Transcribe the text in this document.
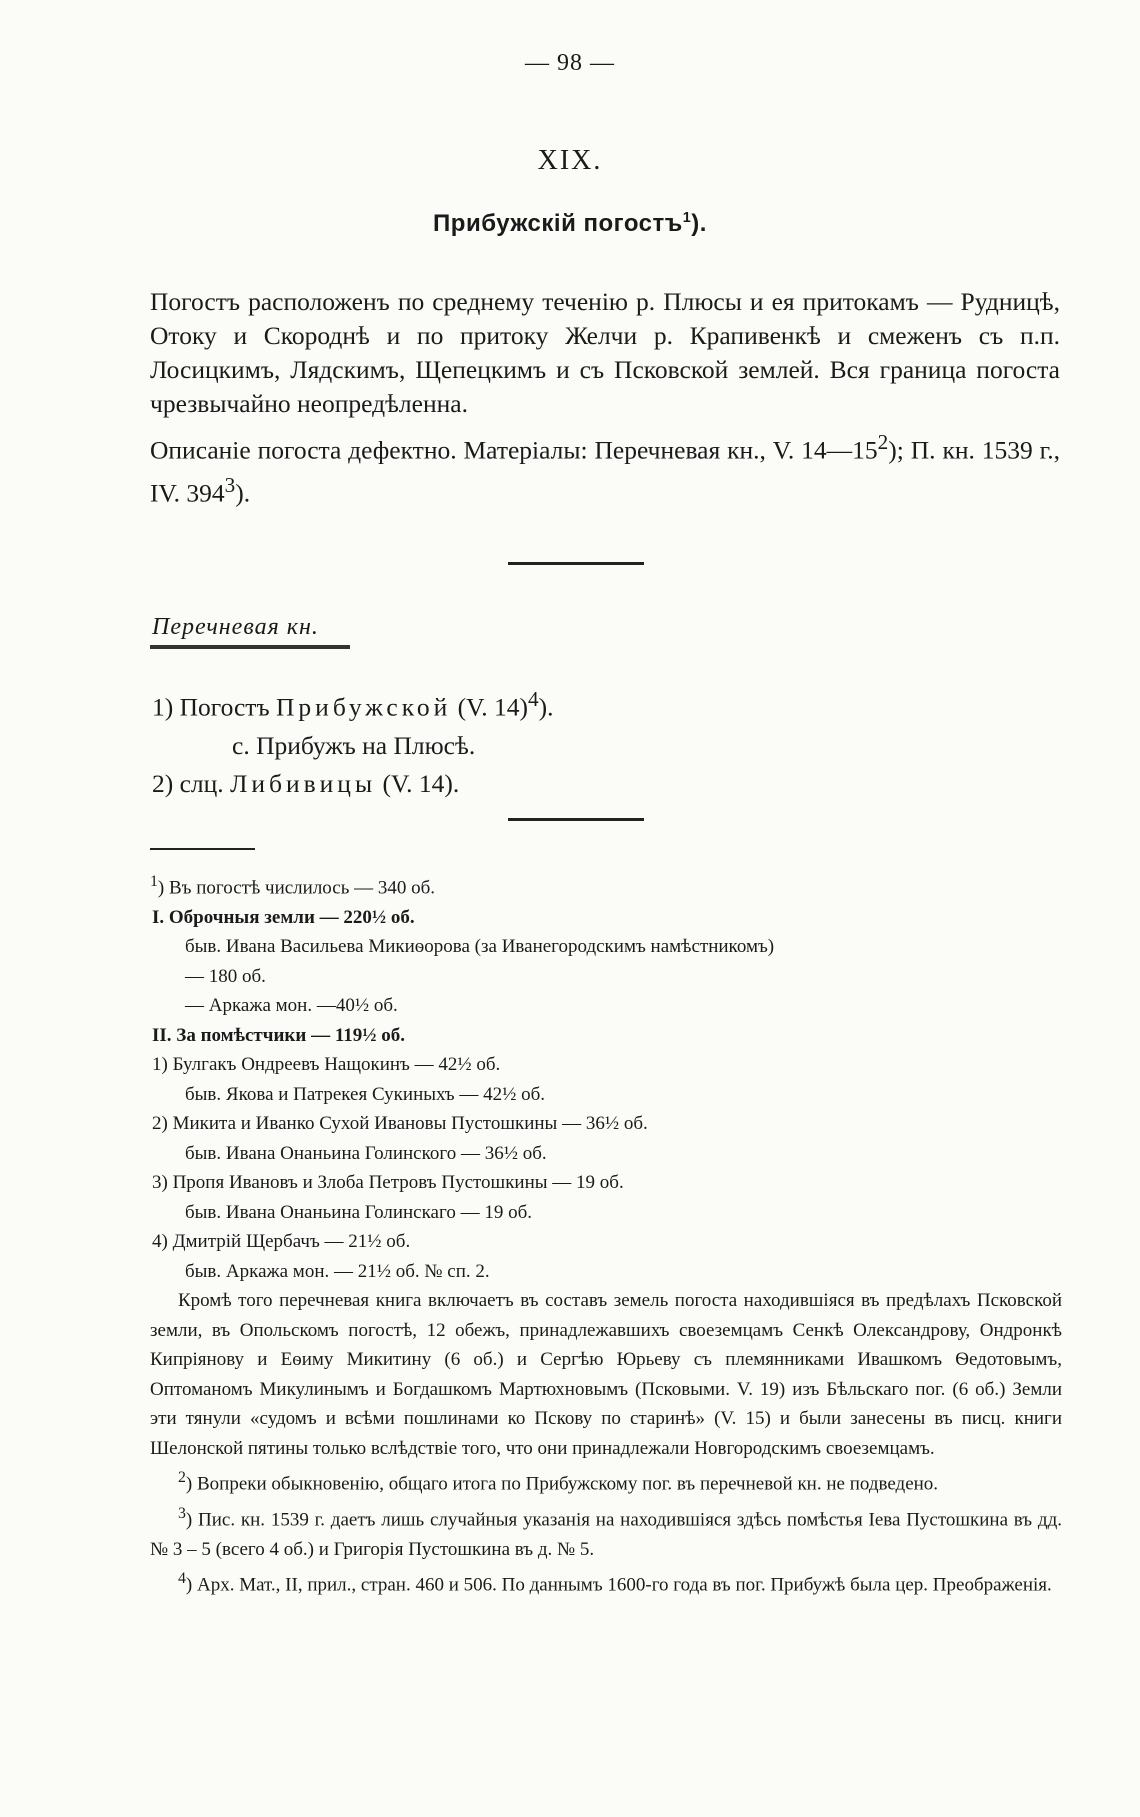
— 98 —
XIX.
Прибужскій погостъ$^1$).

Погостъ расположенъ по среднему теченію р. Плюсы и ея притокамъ — Рудницѣ, Отоку и Скороднѣ и по притоку Желчи р. Крапивенкѣ и смеженъ съ п.п. Лосицкимъ, Лядскимъ, Щепецкимъ и съ Псковской землей. Вся граница погоста чрезвычайно неопредѣленна.

Описаніе погоста дефектно. Матеріалы: Перечневая кн., V. $14—15^2$); П. кн. 1539 г., IV. $394^3$).

Перечневая кн.
1) Погостъ Прибужской (V. 14)$^4$).
с. Прибужъ на Плюсѣ.
2) слц. Либивицы (V. 14).
$^1$) Въ погостѣ числилось — 340 об.
I. Оброчныя земли — 220½ об.
быв. Ивана Васильева Микиѳорова (за Иванегородскимъ намѣстникомъ)
— 180 об.
— Аркажа мон. —40½ об.
II. За помѣстчики — 119½ об.
1) Булгакъ Ондреевъ Нащокинъ — 42½ об.
быв. Якова и Патрекея Сукиныхъ — 42½ об.
2) Микита и Иванко Сухой Ивановы Пустошкины — 36½ об.
быв. Ивана Онаньина Голинского — 36½ об.
3) Пропя Ивановъ и Злоба Петровъ Пустошкины — 19 об.
быв. Ивана Онаньина Голинскаго — 19 об.
4) Дмитрій Щербачъ — 21½ об.
быв. Аркажа мон. — 21½ об. № сп. 2.
Кромѣ того перечневая книга включаетъ въ составъ земель погоста находившіяся въ предѣлахъ Псковской земли, въ Опольскомъ погостѣ, 12 обежъ, принадлежавшихъ своеземцамъ Сенкѣ Олександрову, Ондронкѣ Кипріянову и Еѳиму Микитину (6 об.) и Сергѣю Юрьеву съ племянниками Ивашкомъ Ѳедотовымъ, Оптоманомъ Микулинымъ и Богдашкомъ Мартюхновымъ (Псковыми. V. 19) изъ Бѣльскаго пог. (6 об.) Земли эти тянули «судомъ и всѣми пошлинами ко Пскову по старинѣ» (V. 15) и были занесены въ писц. книги Шелонской пятины только вслѣдствіе того, что они принадлежали Новгородскимъ своеземцамъ.
$^2$) Вопреки обыкновенію, общаго итога по Прибужскому пог. въ перечневой кн. не подведено.
$^3$) Пис. кн. 1539 г. даетъ лишь случайныя указанія на находившіяся здѣсь помѣстья Іева Пустошкина въ дд. № 3 – 5 (всего 4 об.) и Григорія Пустошкина въ д. № 5.
$^4$) Арх. Мат., II, прил., стран. 460 и 506. По даннымъ 1600-го года въ пог. Прибужѣ была цер. Преображенія.
